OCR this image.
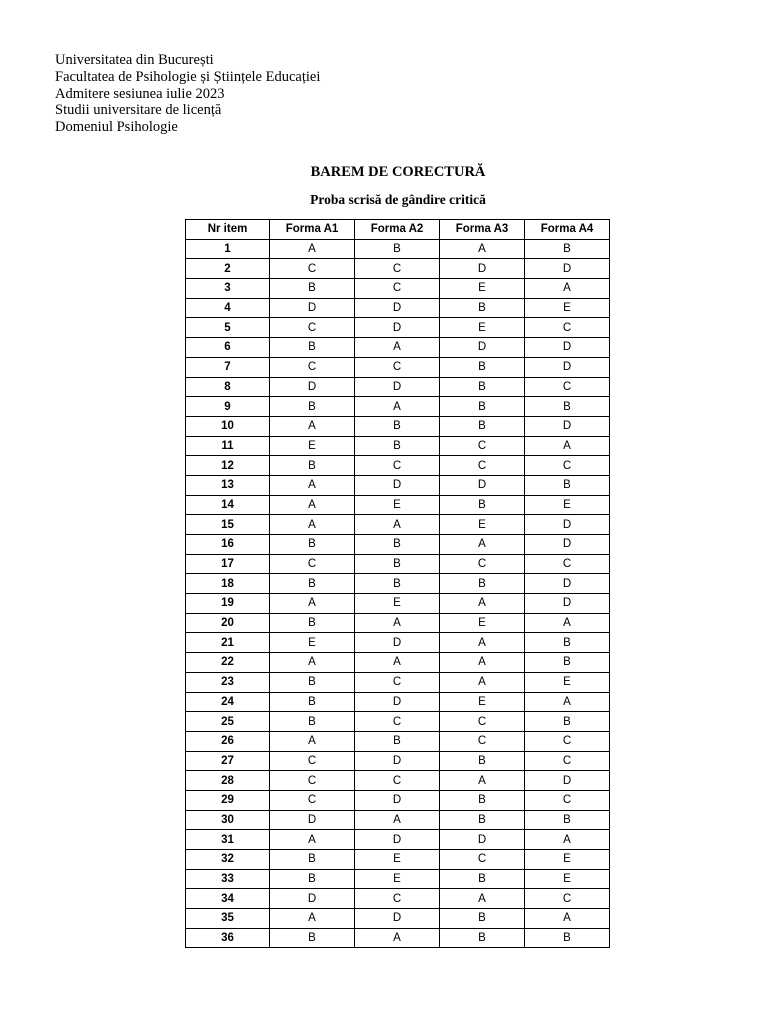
Universitatea din București
Facultatea de Psihologie și Științele Educației
Admitere sesiunea iulie 2023
Studii universitare de licență
Domeniul Psihologie
BAREM DE CORECTURĂ
Proba scrisă de gândire critică
Nr item	Forma A1	Forma A2	Forma A3	Forma A4
1	A	B	A	B
2	C	C	D	D
3	B	C	E	A
4	D	D	B	E
5	C	D	E	C
6	B	A	D	D
7	C	C	B	D
8	D	D	B	C
9	B	A	B	B
10	A	B	B	D
11	E	B	C	A
12	B	C	C	C
13	A	D	D	B
14	A	E	B	E
15	A	A	E	D
16	B	B	A	D
17	C	B	C	C
18	B	B	B	D
19	A	E	A	D
20	B	A	E	A
21	E	D	A	B
22	A	A	A	B
23	B	C	A	E
24	B	D	E	A
25	B	C	C	B
26	A	B	C	C
27	C	D	B	C
28	C	C	A	D
29	C	D	B	C
30	D	A	B	B
31	A	D	D	A
32	B	E	C	E
33	B	E	B	E
34	D	C	A	C
35	A	D	B	A
36	B	A	B	B
